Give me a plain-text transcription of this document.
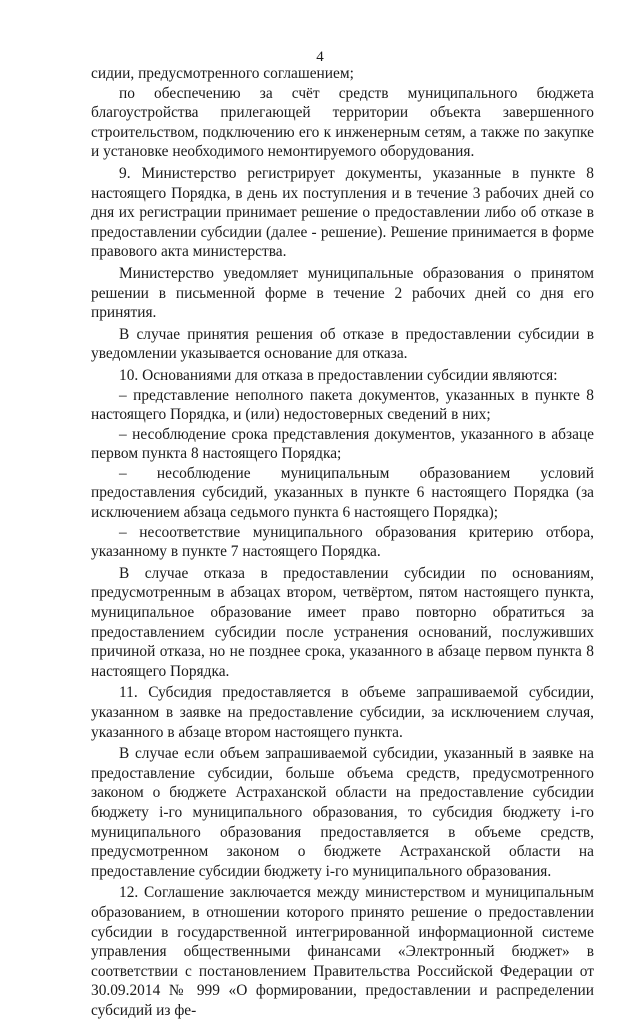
4

сидии, предусмотренного соглашением;

по обеспечению за счёт средств муниципального бюджета благоустройства прилегающей территории объекта завершенного строительством, подключению его к инженерным сетям, а также по закупке и установке необходимого немонтируемого оборудования.

9. Министерство регистрирует документы, указанные в пункте 8 настоящего Порядка, в день их поступления и в течение 3 рабочих дней со дня их регистрации принимает решение о предоставлении либо об отказе в предоставлении субсидии (далее - решение). Решение принимается в форме правового акта министерства.

Министерство уведомляет муниципальные образования о принятом решении в письменной форме в течение 2 рабочих дней со дня его принятия.

В случае принятия решения об отказе в предоставлении субсидии в уведомлении указывается основание для отказа.

10. Основаниями для отказа в предоставлении субсидии являются:

– представление неполного пакета документов, указанных в пункте 8 настоящего Порядка, и (или) недостоверных сведений в них;

– несоблюдение срока представления документов, указанного в абзаце первом пункта 8 настоящего Порядка;

– несоблюдение муниципальным образованием условий предоставления субсидий, указанных в пункте 6 настоящего Порядка (за исключением абзаца седьмого пункта 6 настоящего Порядка);

– несоответствие муниципального образования критерию отбора, указанному в пункте 7 настоящего Порядка.

В случае отказа в предоставлении субсидии по основаниям, предусмотренным в абзацах втором, четвёртом, пятом настоящего пункта, муниципальное образование имеет право повторно обратиться за предоставлением субсидии после устранения оснований, послуживших причиной отказа, но не позднее срока, указанного в абзаце первом пункта 8 настоящего Порядка.

11. Субсидия предоставляется в объеме запрашиваемой субсидии, указанном в заявке на предоставление субсидии, за исключением случая, указанного в абзаце втором настоящего пункта.

В случае если объем запрашиваемой субсидии, указанный в заявке на предоставление субсидии, больше объема средств, предусмотренного законом о бюджете Астраханской области на предоставление субсидии бюджету i-го муниципального образования, то субсидия бюджету i-го муниципального образования предоставляется в объеме средств, предусмотренном законом о бюджете Астраханской области на предоставление субсидии бюджету i-го муниципального образования.

12. Соглашение заключается между министерством и муниципальным образованием, в отношении которого принято решение о предоставлении субсидии в государственной интегрированной информационной системе управления общественными финансами «Электронный бюджет» в соответствии с постановлением Правительства Российской Федерации от 30.09.2014 № 999 «О формировании, предоставлении и распределении субсидий из фе-
